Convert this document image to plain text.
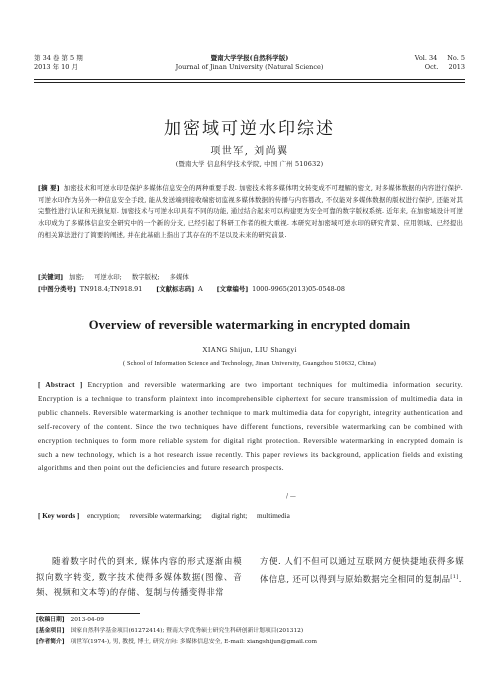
第 34 卷 第 5 期
2013 年 10 月
暨南大学学报(自然科学版)
Journal of Jinan University (Natural Science)
Vol. 34 No. 5
Oct. 2013
加密域可逆水印综述
项世军, 刘尚翼
(暨南大学 信息科学技术学院, 中国 广州 510632)
[摘 要] 加密技术和可逆水印是保护多媒体信息安全的两种重要手段. 加密技术将多媒体明文转变成不可理解的密文, 对多媒体数据的内容进行保护. 可逆水印作为另外一种信息安全手段, 能从发送端到接收端密切监视多媒体数据的传播与内容篡改, 不仅能对多媒体数据的版权进行保护, 还能对其完整性进行认证和无损复原. 加密技术与可逆水印具有不同的功能, 通过结合起来可以构建更为安全可靠的数字版权系统. 近年来, 在加密域设计可逆水印成为了多媒体信息安全研究中的一个新的分支, 已经引起了科研工作者的极大重视. 本研究对加密域可逆水印的研究背景、应用领域、已经提出的相关算法进行了简要的阐述, 并在此基础上指出了其存在的不足以及未来的研究前景.
[关键词] 加密; 可逆水印; 数字版权; 多媒体
[中图分类号] TN918.4;TN918.91 [文献标志码] A [文章编号] 1000-9965(2013)05-0548-08
Overview of reversible watermarking in encrypted domain
XIANG Shijun, LIU Shangyi
( School of Information Science and Technology, Jinan University, Guangzhou 510632, China)
[ Abstract ] Encryption and reversible watermarking are two important techniques for multimedia information security. Encryption is a technique to transform plaintext into incomprehensible ciphertext for secure transmission of multimedia data in public channels. Reversible watermarking is another technique to mark multimedia data for copyright, integrity authentication and self-recovery of the content. Since the two techniques have different functions, reversible watermarking can be combined with encryption techniques to form more reliable system for digital right protection. Reversible watermarking in encrypted domain is such a new technology, which is a hot research issue recently. This paper reviews its background, application fields and existing algorithms and then point out the deficiencies and future research prospects.
/ —
[ Key words ] encryption; reversible watermarking; digital right; multimedia
随着数字时代的到来, 媒体内容的形式逐渐由模拟向数字转变, 数字技术使得多媒体数据(图像、音频、视频和文本等)的存储、复制与传播变得非常
方便. 人们不但可以通过互联网方便快捷地获得多媒体信息, 还可以得到与原始数据完全相同的复制品[1].
[收稿日期] 2013-04-09
[基金项目] 国家自然科学基金项目(61272414); 暨南大学优秀硕士研究生科研创新计划项目(201312)
[作者简介] 项世军(1974-), 男, 教授, 博士, 研究方向: 多媒体信息安全, E-mail: xiangshijun@gmail.com
